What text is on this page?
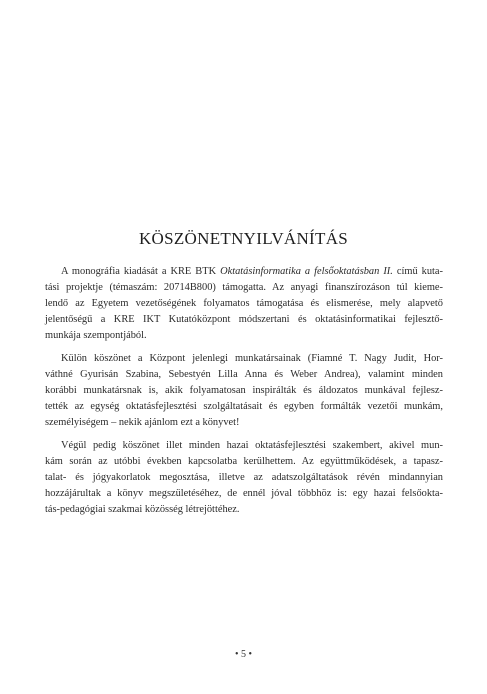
KÖSZÖNETNYILVÁNÍTÁS
A monográfia kiadását a KRE BTK Oktatásinformatika a felsőoktatásban II. című kuta-
tási projektje (témaszám: 20714B800) támogatta. Az anyagi finanszírozáson túl kieme-
lendő az Egyetem vezetőségének folyamatos támogatása és elismerése, mely alapvető
jelentőségű a KRE IKT Kutatóközpont módszertani és oktatásinformatikai fejlesztő-
munkája szempontjából.
Külön köszönet a Központ jelenlegi munkatársainak (Fiamné T. Nagy Judit, Hor-
váthné Gyurisán Szabina, Sebestyén Lilla Anna és Weber Andrea), valamint minden
korábbi munkatársnak is, akik folyamatosan inspirálták és áldozatos munkával fejlesz-
tették az egység oktatásfejlesztési szolgáltatásait és egyben formálták vezetői munkám,
személyiségem – nekik ajánlom ezt a könyvet!
Végül pedig köszönet illet minden hazai oktatásfejlesztési szakembert, akivel mun-
kám során az utóbbi években kapcsolatba kerülhettem. Az együttműködések, a tapasz-
talat- és jógyakorlatok megosztása, illetve az adatszolgáltatások révén mindannyian
hozzájárultak a könyv megszületéséhez, de ennél jóval többhöz is: egy hazai felsőokta-
tás-pedagógiai szakmai közösség létrejöttéhez.
• 5 •
